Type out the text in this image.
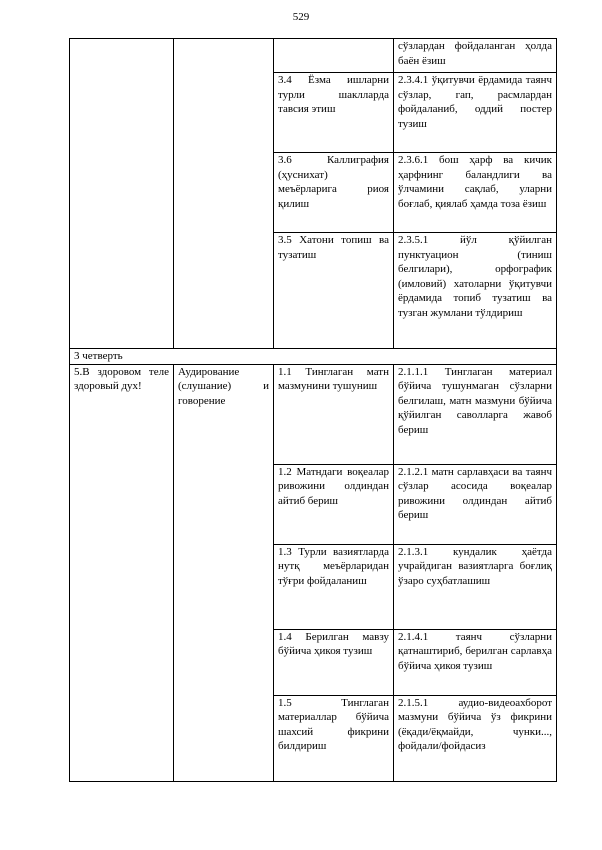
529
			сўзлардан фойдаланган ҳолда баён ёзиш
		3.4 Ёзма ишларни турли шаклларда тавсия этиш	2.3.4.1 ўқитувчи ёрдамида таянч сўзлар, гап, расмлардан фойдаланиб, оддий постер тузиш
		3.6 Каллиграфия (ҳуснихат) меъёрларига риоя қилиш	2.3.6.1 бош ҳарф ва кичик ҳарфнинг баландлиги ва ўлчамини сақлаб, уларни боғлаб, қиялаб ҳамда тоза ёзиш
		3.5 Хатони топиш ва тузатиш	2.3.5.1 йўл қўйилган пунктуацион (тиниш белгилари), орфографик (имловий) хатоларни ўқитувчи ёрдамида топиб тузатиш ва тузган жумлани тўлдириш
3 четверть			
5.В здоровом теле здоровый дух!	Аудирование (слушание) и говорение	1.1 Тинглаган матн мазмунини тушуниш	2.1.1.1 Тинглаган материал бўйича тушунмаган сўзларни белгилаш, матн мазмуни бўйича қўйилган саволларга жавоб бериш
		1.2 Матндаги воқеалар ривожини олдиндан айтиб бериш	2.1.2.1 матн сарлавҳаси ва таянч сўзлар асосида воқеалар ривожини олдиндан айтиб бериш
		1.3 Турли вазиятларда нутқ меъёрларидан тўғри фойдаланиш	2.1.3.1 кундалик ҳаётда учрайдиган вазиятларга боғлиқ ўзаро суҳбатлашиш
		1.4 Берилган мавзу бўйича ҳикоя тузиш	2.1.4.1 таянч сўзларни қатнаштириб, берилган сарлавҳа бўйича ҳикоя тузиш
		1.5 Тинглаган материаллар бўйича шахсий фикрини билдириш	2.1.5.1 аудио-видеоахборот мазмуни бўйича ўз фикрини (ёқади/ёқмайди, чунки..., фойдали/фойдасиз
